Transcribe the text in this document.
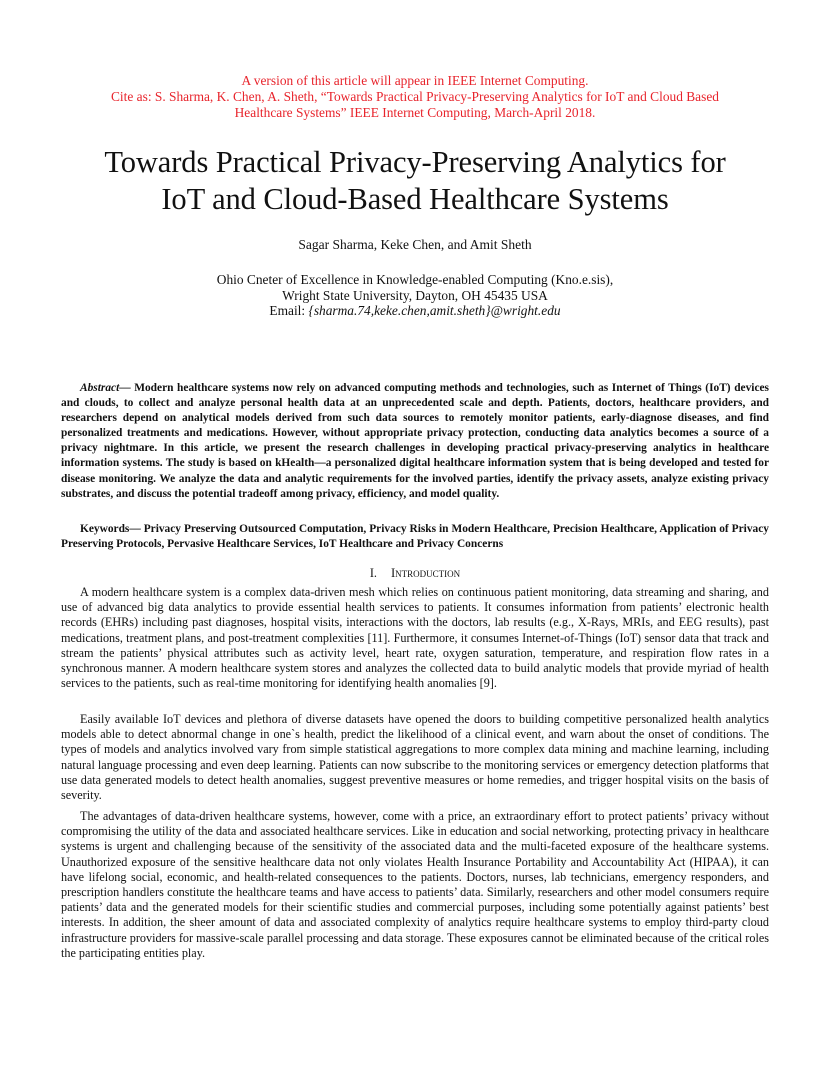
A version of this article will appear in IEEE Internet Computing.
Cite as: S. Sharma, K. Chen, A. Sheth, “Towards Practical Privacy-Preserving Analytics for IoT and Cloud Based
Healthcare Systems” IEEE Internet Computing, March-April 2018.
Towards Practical Privacy-Preserving Analytics for
IoT and Cloud-Based Healthcare Systems
Sagar Sharma, Keke Chen, and Amit Sheth
Ohio Cneter of Excellence in Knowledge-enabled Computing (Kno.e.sis),
Wright State University, Dayton, OH 45435 USA
Email: {sharma.74,keke.chen,amit.sheth}@wright.edu

Abstract— Modern healthcare systems now rely on advanced computing methods and technologies, such as Internet of Things (IoT) devices and clouds, to collect and analyze personal health data at an unprecedented scale and depth. Patients, doctors, healthcare providers, and researchers depend on analytical models derived from such data sources to remotely monitor patients, early-diagnose diseases, and find personalized treatments and medications. However, without appropriate privacy protection, conducting data analytics becomes a source of a privacy nightmare. In this article, we present the research challenges in developing practical privacy-preserving analytics in healthcare information systems. The study is based on kHealth—a personalized digital healthcare information system that is being developed and tested for disease monitoring. We analyze the data and analytic requirements for the involved parties, identify the privacy assets, analyze existing privacy substrates, and discuss the potential tradeoff among privacy, efficiency, and model quality.

Keywords— Privacy Preserving Outsourced Computation, Privacy Risks in Modern Healthcare, Precision Healthcare, Application of Privacy Preserving Protocols, Pervasive Healthcare Services, IoT Healthcare and Privacy Concerns

I. Introduction

A modern healthcare system is a complex data-driven mesh which relies on continuous patient monitoring, data streaming and sharing, and use of advanced big data analytics to provide essential health services to patients. It consumes information from patients’ electronic health records (EHRs) including past diagnoses, hospital visits, interactions with the doctors, lab results (e.g., X-Rays, MRIs, and EEG results), past medications, treatment plans, and post-treatment complexities [11]. Furthermore, it consumes Internet-of-Things (IoT) sensor data that track and stream the patients’ physical attributes such as activity level, heart rate, oxygen saturation, temperature, and respiration flow rates in a synchronous manner. A modern healthcare system stores and analyzes the collected data to build analytic models that provide myriad of health services to the patients, such as real-time monitoring for identifying health anomalies [9].

Easily available IoT devices and plethora of diverse datasets have opened the doors to building competitive personalized health analytics models able to detect abnormal change in one`s health, predict the likelihood of a clinical event, and warn about the onset of conditions. The types of models and analytics involved vary from simple statistical aggregations to more complex data mining and machine learning, including natural language processing and even deep learning. Patients can now subscribe to the monitoring services or emergency detection platforms that use data generated models to detect health anomalies, suggest preventive measures or home remedies, and trigger hospital visits on the basis of severity.

The advantages of data-driven healthcare systems, however, come with a price, an extraordinary effort to protect patients’ privacy without compromising the utility of the data and associated healthcare services. Like in education and social networking, protecting privacy in healthcare systems is urgent and challenging because of the sensitivity of the associated data and the multi-faceted exposure of the healthcare systems. Unauthorized exposure of the sensitive healthcare data not only violates Health Insurance Portability and Accountability Act (HIPAA), it can have lifelong social, economic, and health-related consequences to the patients. Doctors, nurses, lab technicians, emergency responders, and prescription handlers constitute the healthcare teams and have access to patients’ data. Similarly, researchers and other model consumers require patients’ data and the generated models for their scientific studies and commercial purposes, including some potentially against patients’ best interests. In addition, the sheer amount of data and associated complexity of analytics require healthcare systems to employ third-party cloud infrastructure providers for massive-scale parallel processing and data storage. These exposures cannot be eliminated because of the critical roles the participating entities play.
